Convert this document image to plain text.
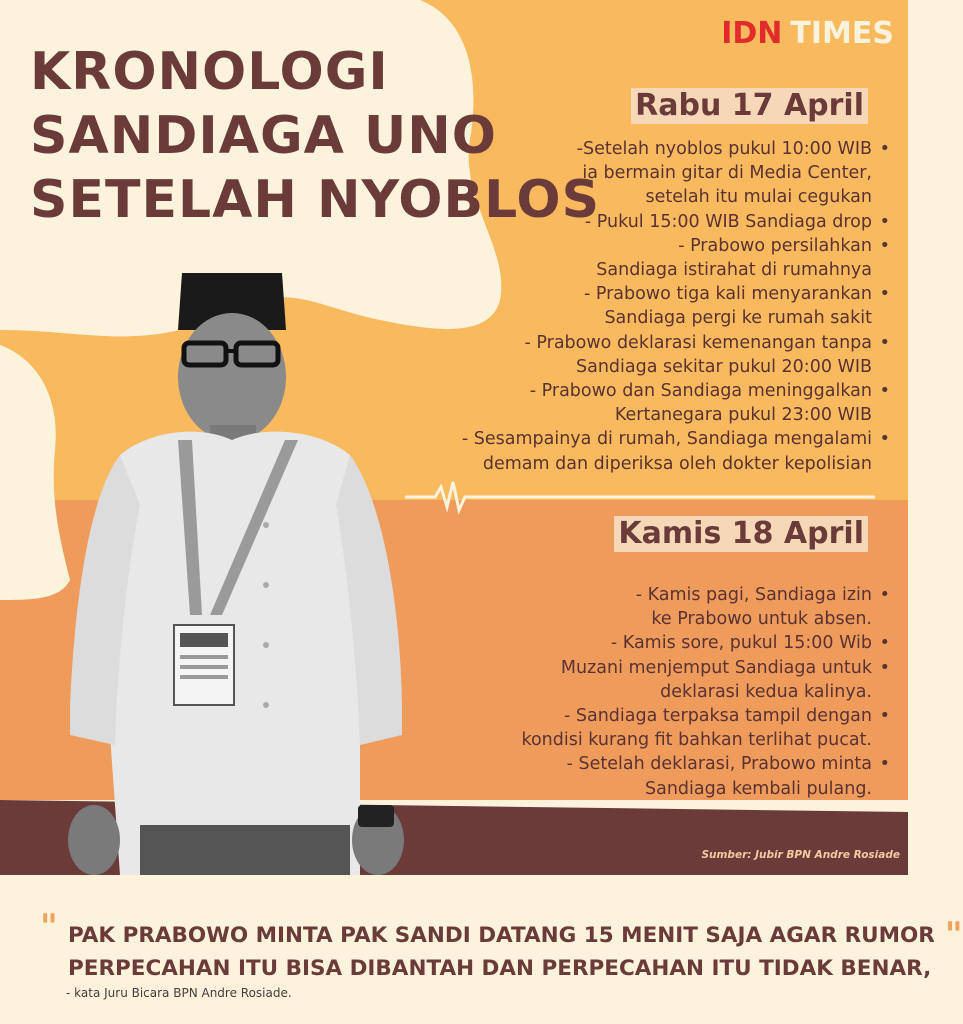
KRONOLOGI
SANDIAGA UNO
SETELAH NYOBLOS
IDN TIMES
Rabu 17 April
-Setelah nyoblos pukul 10:00 WIB •
ia bermain gitar di Media Center,
setelah itu mulai cegukan
- Pukul 15:00 WIB Sandiaga drop •
- Prabowo persilahkan •
Sandiaga istirahat di rumahnya
- Prabowo tiga kali menyarankan •
Sandiaga pergi ke rumah sakit
- Prabowo deklarasi kemenangan tanpa •
Sandiaga sekitar pukul 20:00 WIB
- Prabowo dan Sandiaga meninggalkan •
Kertanegara pukul 23:00 WIB
- Sesampainya di rumah, Sandiaga mengalami •
demam dan diperiksa oleh dokter kepolisian
Kamis 18 April
- Kamis pagi, Sandiaga izin •
ke Prabowo untuk absen.
- Kamis sore, pukul 15:00 Wib •
Muzani menjemput Sandiaga untuk •
deklarasi kedua kalinya.
- Sandiaga terpaksa tampil dengan •
kondisi kurang fit bahkan terlihat pucat.
- Setelah deklarasi, Prabowo minta •
Sandiaga kembali pulang.
Sumber: Jubir BPN Andre Rosiade
" PAK PRABOWO MINTA PAK SANDI DATANG 15 MENIT SAJA AGAR RUMOR "
PERPECAHAN ITU BISA DIBANTAH DAN PERPECAHAN ITU TIDAK BENAR,
- kata Juru Bicara BPN Andre Rosiade.
